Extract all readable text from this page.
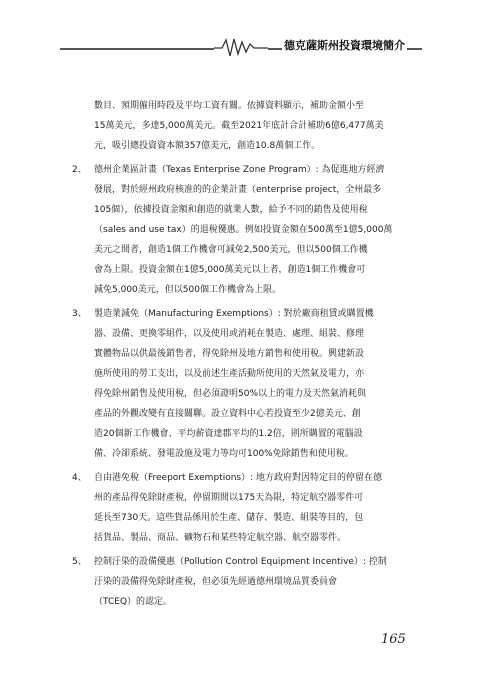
德克薩斯州投資環境簡介
數目、預期僱用時段及平均工資有關。依據資料顯示，補助金額小至
15萬美元，多達5,000萬美元。截至2021年底計合計補助6億6,477萬美
元，吸引總投資資本額357億美元，創造10.8萬個工作。
2、 德州企業區計畫（Texas Enterprise Zone Program）: 為促進地方經濟
發展，對於經州政府核准的的企業計畫（enterprise project，全州最多
105個），依據投資金額和創造的就業人數，給予不同的銷售及使用稅
（sales and use tax）的退稅優惠。例如投資金額在500萬至1億5,000萬
美元之間者，創造1個工作機會可減免2,500美元，但以500個工作機
會為上限。投資金額在1億5,000萬美元以上者，創造1個工作機會可
減免5,000美元，但以500個工作機會為上限。
3、 製造業減免（Manufacturing Exemptions）: 對於廠商租賃或購置機
器、設備、更換零組件，以及使用或消耗在製造、處理、組裝、修理
實體物品以供最後銷售者，得免除州及地方銷售和使用稅。興建新設
施所使用的勞工支出，以及前述生產活動所使用的天然氣及電力，亦
得免除州銷售及使用稅，但必須證明50%以上的電力及天然氣消耗與
產品的外觀改變有直接關聯。設立資料中心若投資至少2億美元、創
造20個新工作機會、平均薪資達郡平均的1.2倍，則所購置的電腦設
備、冷卻系統、發電設施及電力等均可100%免除銷售和使用稅。
4、 自由港免稅（Freeport Exemptions）: 地方政府對因特定目的停留在德
州的產品得免除財產稅，停留期間以175天為限，特定航空器零件可
延長至730天。這些貨品係用於生產、儲存、製造、組裝等目的，包
括貨品、製品、商品、礦物石和某些特定航空器、航空器零件。
5、 控制汙染的設備優惠（Pollution Control Equipment Incentive）: 控制
汙染的設備得免除財產稅，但必須先經過德州環境品質委員會
（TCEQ）的認定。
165
